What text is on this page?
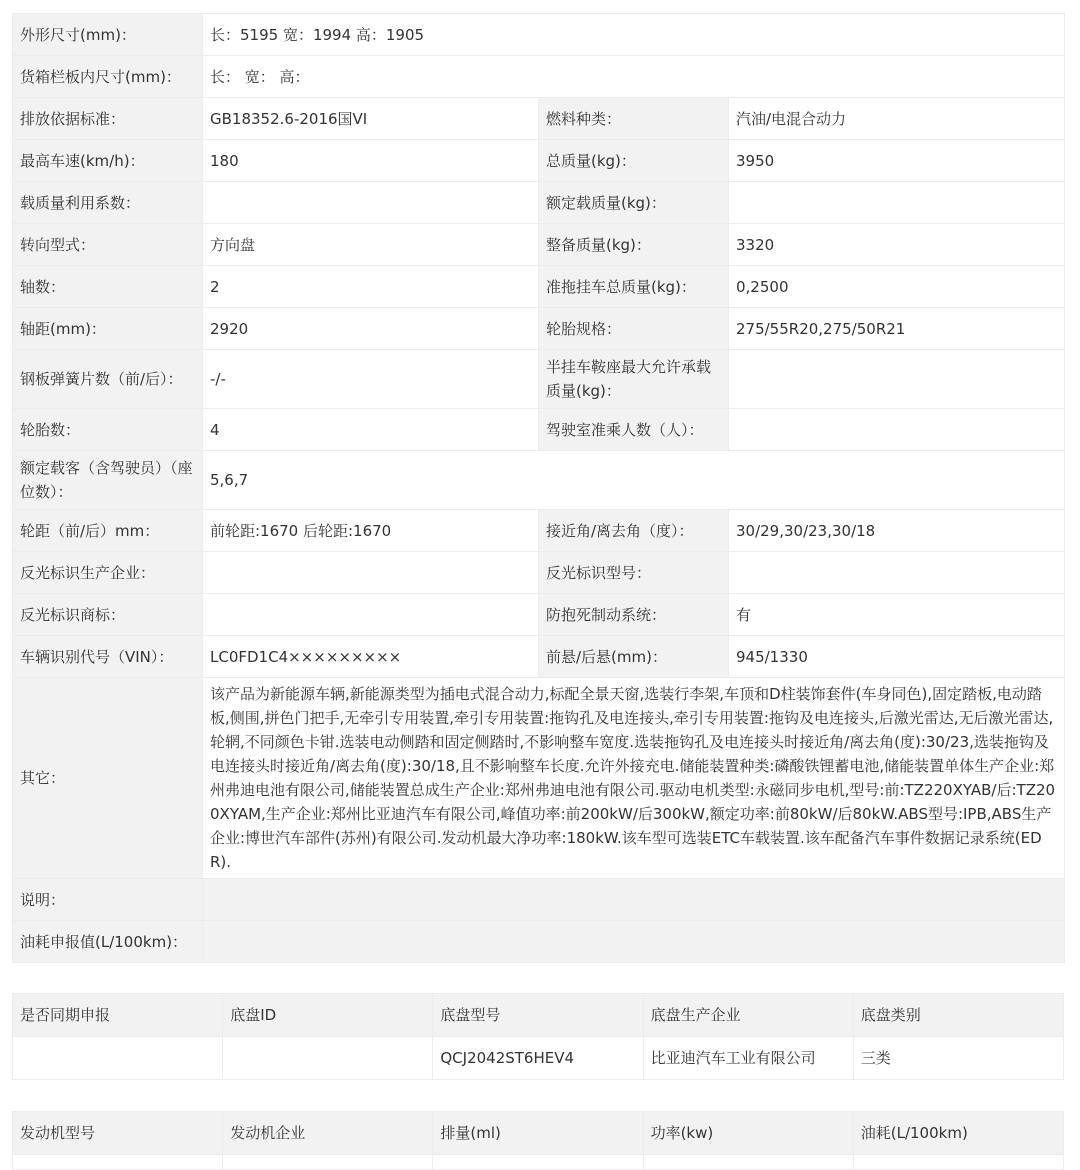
外形尺寸(mm)：	长：5195 宽：1994 高：1905		
货箱栏板内尺寸(mm)：	长： 宽： 高：		
排放依据标准：	GB18352.6-2016国VI	燃料种类：	汽油/电混合动力
最高车速(km/h)：	180	总质量(kg)：	3950
载质量利用系数：		额定载质量(kg)：	
转向型式：	方向盘	整备质量(kg)：	3320
轴数：	2	准拖挂车总质量(kg)：	0,2500
轴距(mm)：	2920	轮胎规格：	275/55R20,275/50R21
钢板弹簧片数（前/后）：	-/-	半挂车鞍座最大允许承载质量(kg)：	
轮胎数：	4	驾驶室准乘人数（人）：	
额定载客（含驾驶员）（座位数）：	5,6,7		
轮距（前/后）mm：	前轮距:1670 后轮距:1670	接近角/离去角（度）：	30/29,30/23,30/18
反光标识生产企业：		反光标识型号：	
反光标识商标：		防抱死制动系统：	有
车辆识别代号（VIN）：	LC0FD1C4×××××××××	前悬/后悬(mm)：	945/1330
其它：	该产品为新能源车辆,新能源类型为插电式混合动力,标配全景天窗,选装行李架,车顶和D柱装饰套件(车身同色),固定踏板,电动踏板,侧围,拼色门把手,无牵引专用装置,牵引专用装置:拖钩孔及电连接头,牵引专用装置:拖钩及电连接头,后激光雷达,无后激光雷达,轮辋,不同颜色卡钳.选装电动侧踏和固定侧踏时,不影响整车宽度.选装拖钩孔及电连接头时接近角/离去角(度):30/23,选装拖钩及电连接头时接近角/离去角(度):30/18,且不影响整车长度.允许外接充电.储能装置种类:磷酸铁锂蓄电池,储能装置单体生产企业:郑州弗迪电池有限公司,储能装置总成生产企业:郑州弗迪电池有限公司.驱动电机类型:永磁同步电机,型号:前:TZ220XYAB/后:TZ200XYAM,生产企业:郑州比亚迪汽车有限公司,峰值功率:前200kW/后300kW,额定功率:前80kW/后80kW.ABS型号:IPB,ABS生产企业:博世汽车部件(苏州)有限公司.发动机最大净功率:180kW.该车型可选装ETC车载装置.该车配备汽车事件数据记录系统(EDR).		
说明：			
油耗申报值(L/100km)：			
是否同期申报	底盘ID	底盘型号	底盘生产企业	底盘类别
		QCJ2042ST6HEV4	比亚迪汽车工业有限公司	三类
发动机型号	发动机企业	排量(ml)	功率(kw)	油耗(L/100km)
